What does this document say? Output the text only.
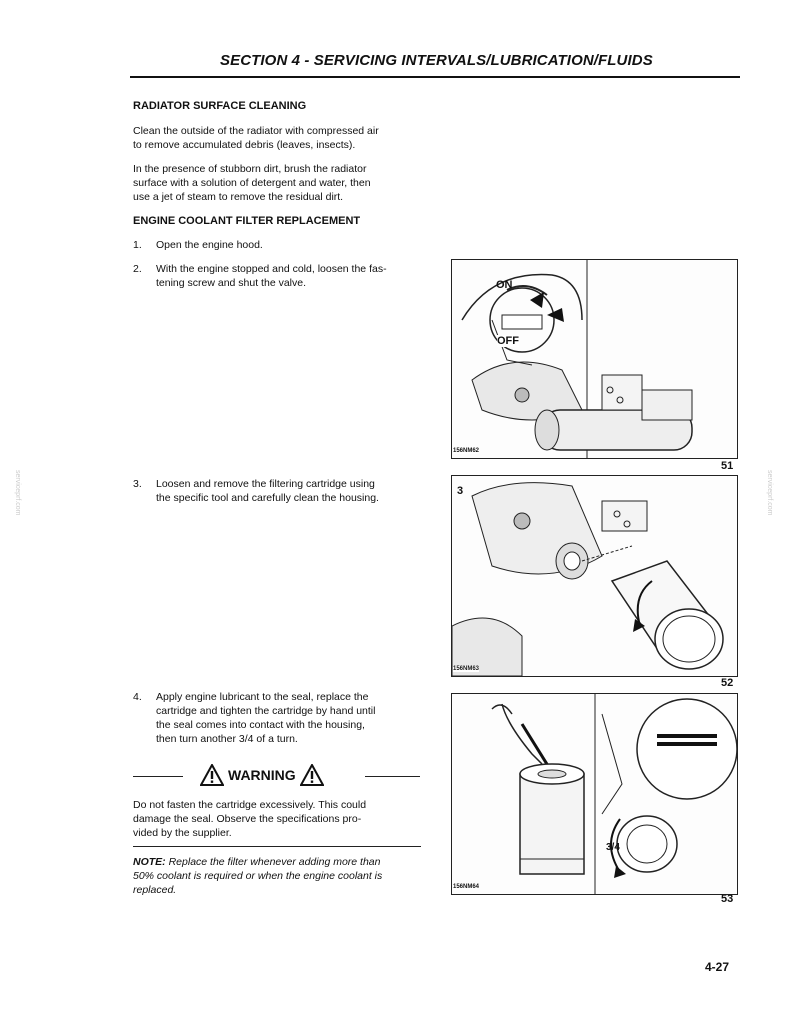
SECTION 4 - SERVICING INTERVALS/LUBRICATION/FLUIDS
RADIATOR SURFACE CLEANING
Clean the outside of the radiator with compressed air
to remove accumulated debris (leaves, insects).
In the presence of stubborn dirt, brush the radiator
surface with a solution of detergent and water, then
use a jet of steam to remove the residual dirt.
ENGINE COOLANT FILTER REPLACEMENT
1. Open the engine hood.
2. With the engine stopped and cold, loosen the fas-
tening screw and shut the valve.
3. Loosen and remove the filtering cartridge using
the specific tool and carefully clean the housing.
4. Apply engine lubricant to the seal, replace the
cartridge and tighten the cartridge by hand until
the seal comes into contact with the housing,
then turn another 3/4 of a turn.
WARNING
Do not fasten the cartridge excessively. This could
damage the seal. Observe the specifications pro-
vided by the supplier.
NOTE: Replace the filter whenever adding more than
50% coolant is required or when the engine coolant is
replaced.
ON
OFF
156NM62
51
3
156NM63
52
3/4
156NM64
53
serviceprf.com	serviceprf.com
4-27
